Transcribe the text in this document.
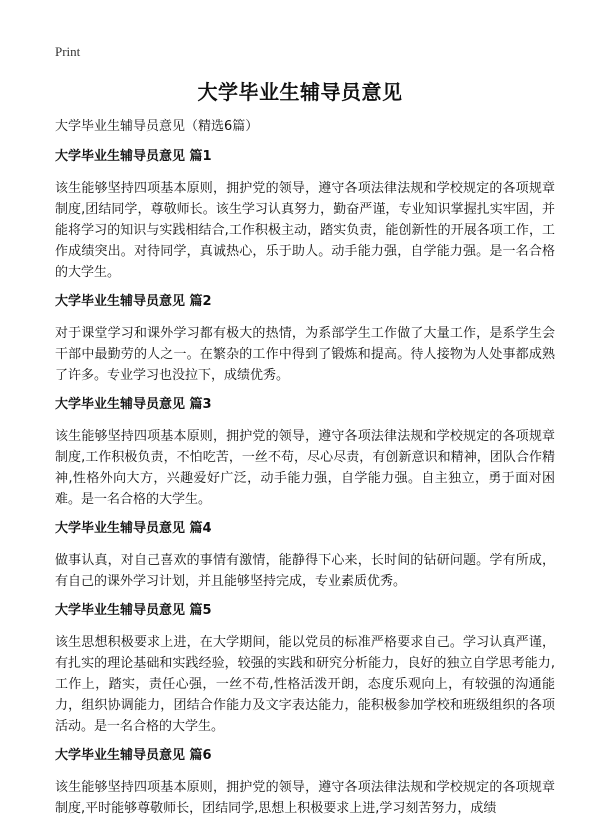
Print
大学毕业生辅导员意见

大学毕业生辅导员意见（精选6篇）

大学毕业生辅导员意见 篇1

该生能够坚持四项基本原则，拥护党的领导，遵守各项法律法规和学校规定的各项规章制度,团结同学，尊敬师长。该生学习认真努力，勤奋严谨，专业知识掌握扎实牢固，并能将学习的知识与实践相结合,工作积极主动，踏实负责，能创新性的开展各项工作，工作成绩突出。对待同学，真诚热心，乐于助人。动手能力强，自学能力强。是一名合格的大学生。

大学毕业生辅导员意见 篇2

对于课堂学习和课外学习都有极大的热情，为系部学生工作做了大量工作，是系学生会干部中最勤劳的人之一。在繁杂的工作中得到了锻炼和提高。待人接物为人处事都成熟了许多。专业学习也没拉下，成绩优秀。

大学毕业生辅导员意见 篇3

该生能够坚持四项基本原则，拥护党的领导，遵守各项法律法规和学校规定的各项规章制度,工作积极负责，不怕吃苦，一丝不苟，尽心尽责，有创新意识和精神，团队合作精神,性格外向大方，兴趣爱好广泛，动手能力强，自学能力强。自主独立，勇于面对困难。是一名合格的大学生。

大学毕业生辅导员意见 篇4

做事认真，对自己喜欢的事情有激情，能静得下心来，长时间的钻研问题。学有所成，有自己的课外学习计划，并且能够坚持完成，专业素质优秀。

大学毕业生辅导员意见 篇5

该生思想积极要求上进，在大学期间，能以党员的标准严格要求自己。学习认真严谨，有扎实的理论基础和实践经验，较强的实践和研究分析能力，良好的独立自学思考能力,工作上，踏实，责任心强，一丝不苟,性格活泼开朗，态度乐观向上，有较强的沟通能力，组织协调能力，团结合作能力及文字表达能力，能积极参加学校和班级组织的各项活动。是一名合格的大学生。

大学毕业生辅导员意见 篇6

该生能够坚持四项基本原则，拥护党的领导，遵守各项法律法规和学校规定的各项规章制度,平时能够尊敬师长，团结同学,思想上积极要求上进,学习刻苦努力，成绩
